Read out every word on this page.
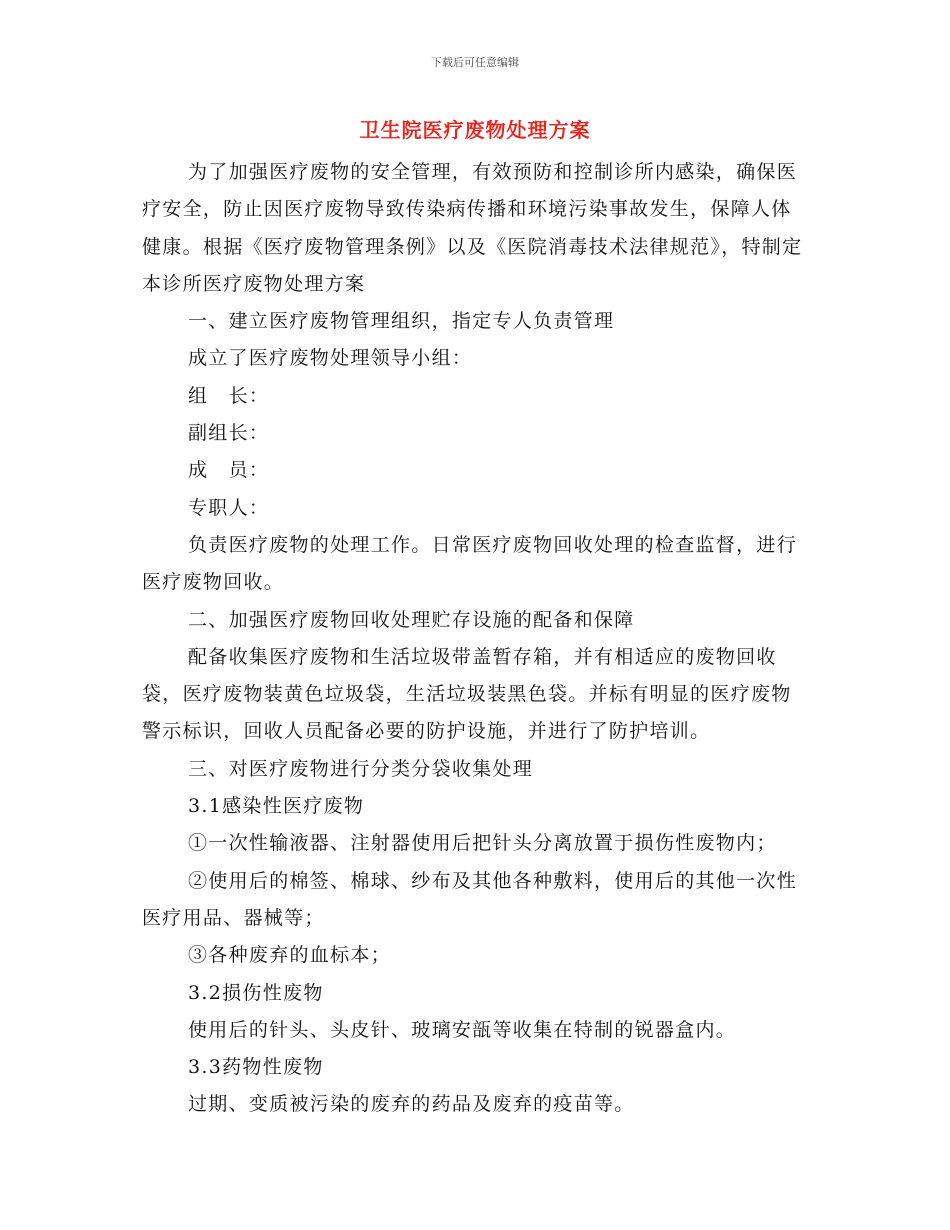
下载后可任意编辑
卫生院医疗废物处理方案

为了加强医疗废物的安全管理，有效预防和控制诊所内感染，确保医疗安全，防止因医疗废物导致传染病传播和环境污染事故发生，保障人体健康。根据《医疗废物管理条例》以及《医院消毒技术法律规范》，特制定本诊所医疗废物处理方案

一、建立医疗废物管理组织，指定专人负责管理

成立了医疗废物处理领导小组：

组　长：

副组长：

成　员：

专职人：

负责医疗废物的处理工作。日常医疗废物回收处理的检查监督，进行医疗废物回收。

二、加强医疗废物回收处理贮存设施的配备和保障

配备收集医疗废物和生活垃圾带盖暂存箱，并有相适应的废物回收袋，医疗废物装黄色垃圾袋，生活垃圾装黑色袋。并标有明显的医疗废物警示标识，回收人员配备必要的防护设施，并进行了防护培训。

三、对医疗废物进行分类分袋收集处理

3.1感染性医疗废物

①一次性输液器、注射器使用后把针头分离放置于损伤性废物内；

②使用后的棉签、棉球、纱布及其他各种敷料，使用后的其他一次性医疗用品、器械等；

③各种废弃的血标本；

3.2损伤性废物

使用后的针头、头皮针、玻璃安瓿等收集在特制的锐器盒内。

3.3药物性废物

过期、变质被污染的废弃的药品及废弃的疫苗等。
